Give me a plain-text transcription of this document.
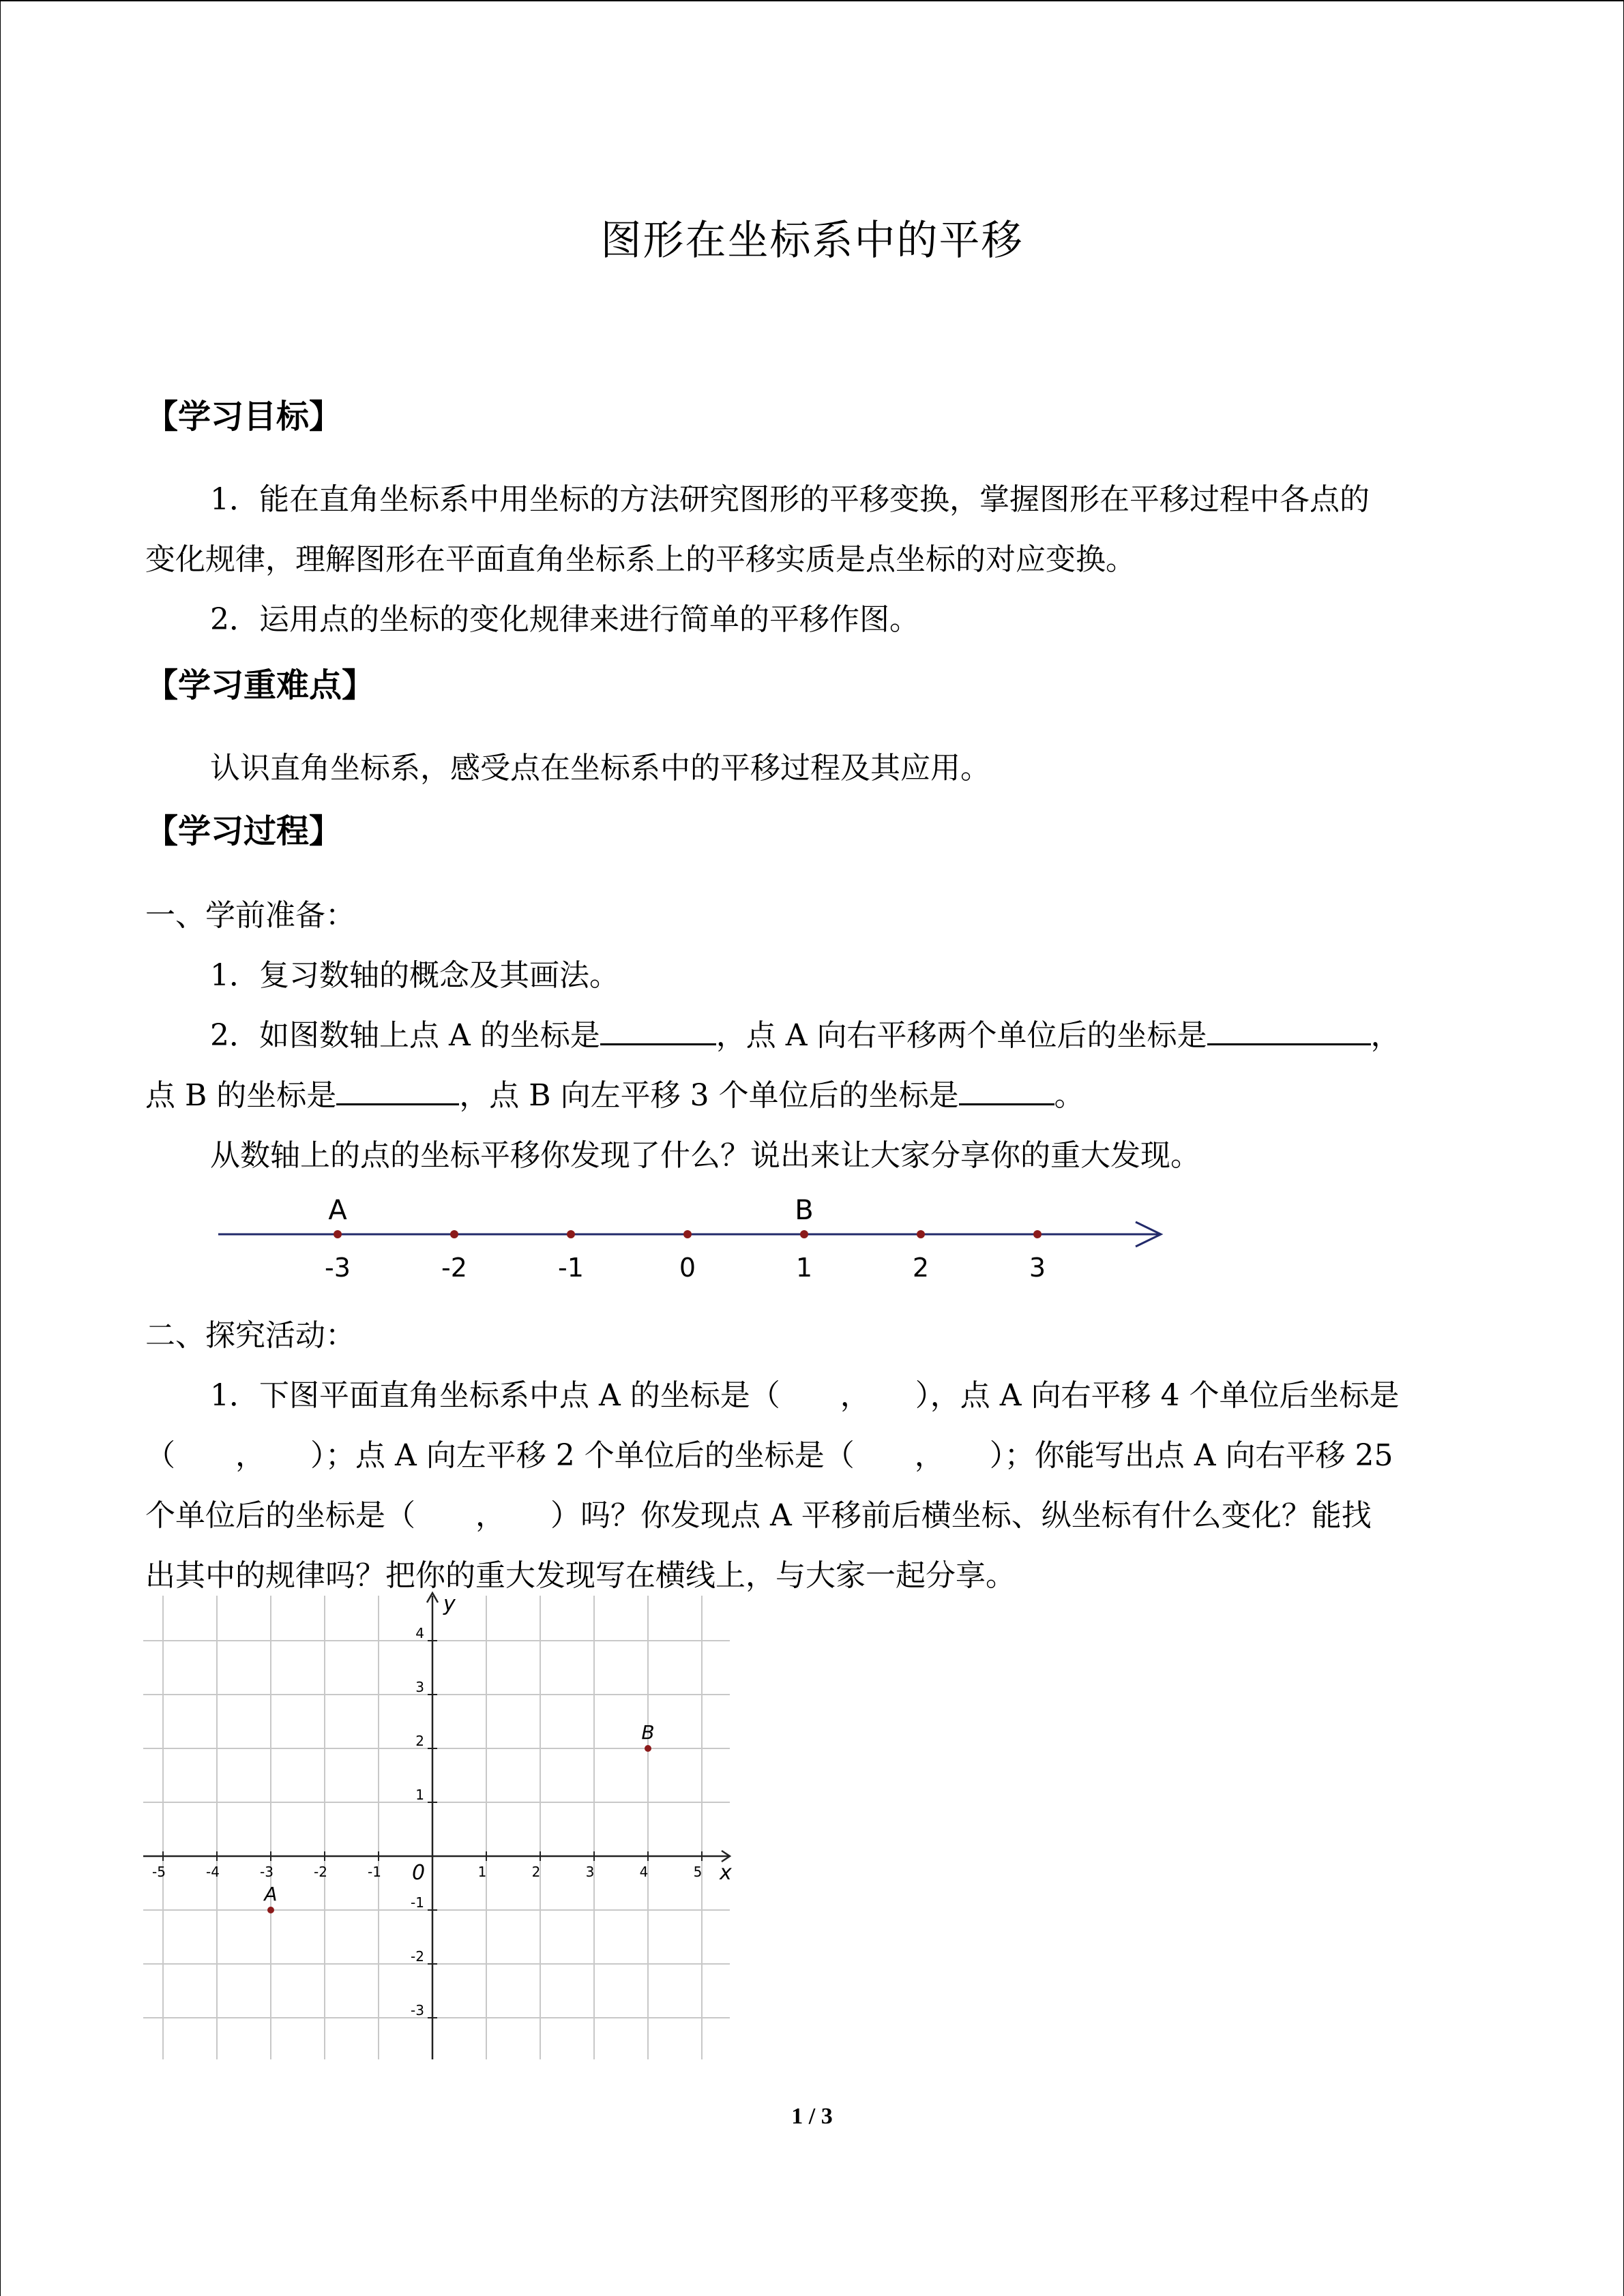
图形在坐标系中的平移
【学习目标】
1．能在直角坐标系中用坐标的方法研究图形的平移变换，掌握图形在平移过程中各点的
变化规律，理解图形在平面直角坐标系上的平移实质是点坐标的对应变换。
2．运用点的坐标的变化规律来进行简单的平移作图。
【学习重难点】
认识直角坐标系，感受点在坐标系中的平移过程及其应用。
【学习过程】
一、学前准备：
1．复习数轴的概念及其画法。
2．如图数轴上点 A 的坐标是	，点 A 向右平移两个单位后的坐标是	，
点 B 的坐标是	，点 B 向左平移 3 个单位后的坐标是	。
从数轴上的点的坐标平移你发现了什么？说出来让大家分享你的重大发现。
-3	-2	-1	0	1	2	3
A	B
二、探究活动：
1．下图平面直角坐标系中点 A 的坐标是（　　，　　），点 A 向右平移 4 个单位后坐标是
（　　，　　）；点 A 向左平移 2 个单位后的坐标是（　　，　　）；你能写出点 A 向右平移 25
个单位后的坐标是（　　，　　）吗？你发现点 A 平移前后横坐标、纵坐标有什么变化？能找
出其中的规律吗？把你的重大发现写在横线上，与大家一起分享。
x
y
0
-5	-4	-3	-2	-1	1	2	3	4	5
4
3
2
1
-1
-2
-3
A
B
1 / 3
